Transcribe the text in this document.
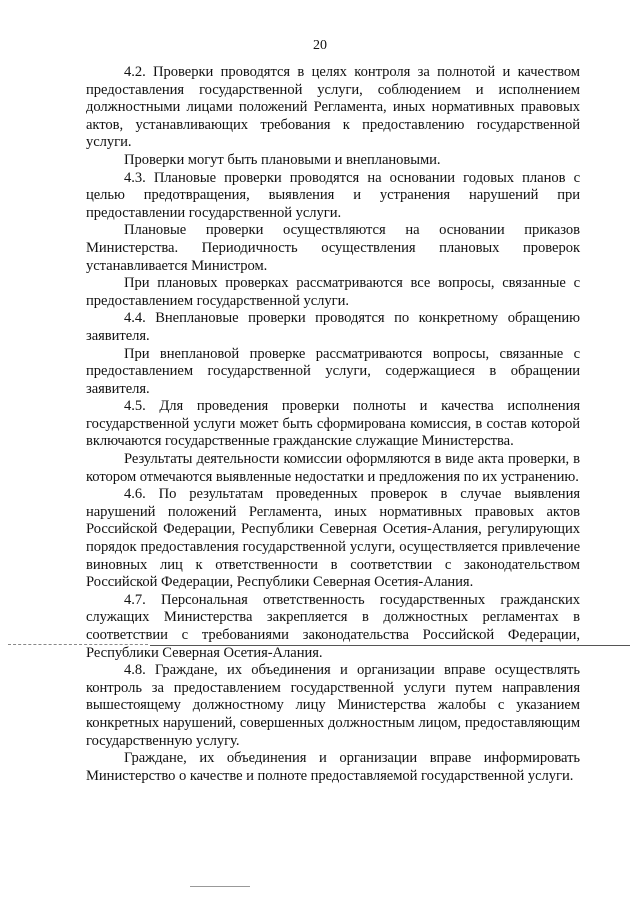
20

4.2. Проверки проводятся в целях контроля за полнотой и качеством предоставления государственной услуги, соблюдением и исполнением должностными лицами положений Регламента, иных нормативных правовых актов, устанавливающих требования к предоставлению государственной услуги.

Проверки могут быть плановыми и внеплановыми.

4.3. Плановые проверки проводятся на основании годовых планов с целью предотвращения, выявления и устранения нарушений при предоставлении государственной услуги.

Плановые проверки осуществляются на основании приказов Министерства. Периодичность осуществления плановых проверок устанавливается Министром.

При плановых проверках рассматриваются все вопросы, связанные с предоставлением государственной услуги.

4.4. Внеплановые проверки проводятся по конкретному обращению заявителя.

При внеплановой проверке рассматриваются вопросы, связанные с предоставлением государственной услуги, содержащиеся в обращении заявителя.

4.5. Для проведения проверки полноты и качества исполнения государственной услуги может быть сформирована комиссия, в состав которой включаются государственные гражданские служащие Министерства.

Результаты деятельности комиссии оформляются в виде акта проверки, в котором отмечаются выявленные недостатки и предложения по их устранению.

4.6. По результатам проведенных проверок в случае выявления нарушений положений Регламента, иных нормативных правовых актов Российской Федерации, Республики Северная Осетия-Алания, регулирующих порядок предоставления государственной услуги, осуществляется привлечение виновных лиц к ответственности в соответствии с законодательством Российской Федерации, Республики Северная Осетия-Алания.

4.7. Персональная ответственность государственных гражданских служащих Министерства закрепляется в должностных регламентах в соответствии с требованиями законодательства Российской Федерации, Республики Северная Осетия-Алания.

4.8. Граждане, их объединения и организации вправе осуществлять контроль за предоставлением государственной услуги путем направления вышестоящему должностному лицу Министерства жалобы с указанием конкретных нарушений, совершенных должностным лицом, предоставляющим государственную услугу.

Граждане, их объединения и организации вправе информировать Министерство о качестве и полноте предоставляемой государственной услуги.
